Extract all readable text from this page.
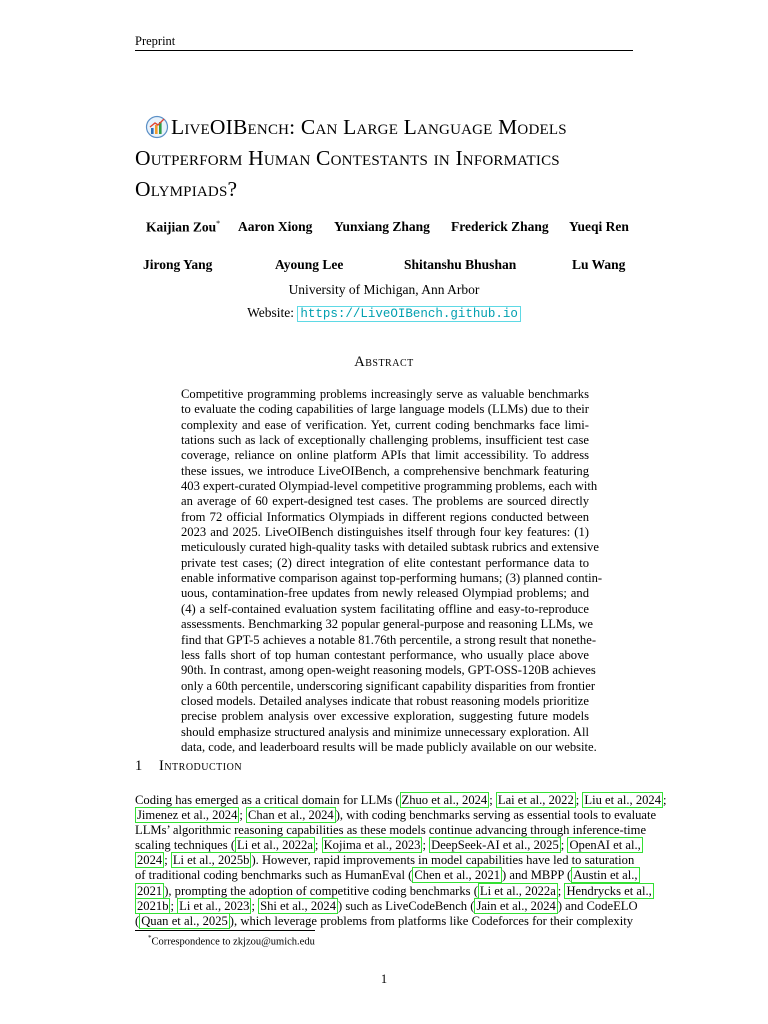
Preprint
LiveOIBench: Can Large Language Models
Outperform Human Contestants in Informatics
Olympiads?
Kaijian Zou* Aaron Xiong Yunxiang Zhang Frederick Zhang Yueqi Ren
Jirong Yang	Ayoung Lee	Shitanshu Bhushan	Lu Wang
University of Michigan, Ann Arbor
Website: https://LiveOIBench.github.io
Abstract
Competitive programming problems increasingly serve as valuable benchmarks
to evaluate the coding capabilities of large language models (LLMs) due to their
complexity and ease of verification. Yet, current coding benchmarks face limi-
tations such as lack of exceptionally challenging problems, insufficient test case
coverage, reliance on online platform APIs that limit accessibility. To address
these issues, we introduce LiveOIBench, a comprehensive benchmark featuring
403 expert-curated Olympiad-level competitive programming problems, each with
an average of 60 expert-designed test cases. The problems are sourced directly
from 72 official Informatics Olympiads in different regions conducted between
2023 and 2025. LiveOIBench distinguishes itself through four key features: (1)
meticulously curated high-quality tasks with detailed subtask rubrics and extensive
private test cases; (2) direct integration of elite contestant performance data to
enable informative comparison against top-performing humans; (3) planned contin-
uous, contamination-free updates from newly released Olympiad problems; and
(4) a self-contained evaluation system facilitating offline and easy-to-reproduce
assessments. Benchmarking 32 popular general-purpose and reasoning LLMs, we
find that GPT-5 achieves a notable 81.76th percentile, a strong result that nonethe-
less falls short of top human contestant performance, who usually place above
90th. In contrast, among open-weight reasoning models, GPT-OSS-120B achieves
only a 60th percentile, underscoring significant capability disparities from frontier
closed models. Detailed analyses indicate that robust reasoning models prioritize
precise problem analysis over excessive exploration, suggesting future models
should emphasize structured analysis and minimize unnecessary exploration. All
data, code, and leaderboard results will be made publicly available on our website.
1 Introduction
Coding has emerged as a critical domain for LLMs ( Zhuo et al., 2024 ; Lai et al., 2022 ; Liu et al., 2024 ;
Jimenez et al., 2024 ; Chan et al., 2024 ), with coding benchmarks serving as essential tools to evaluate
LLMs’ algorithmic reasoning capabilities as these models continue advancing through inference-time
scaling techniques ( Li et al., 2022a ; Kojima et al., 2023 ; DeepSeek-AI et al., 2025 ; OpenAI et al.,
2024 ; Li et al., 2025b ). However, rapid improvements in model capabilities have led to saturation
of traditional coding benchmarks such as HumanEval ( Chen et al., 2021 ) and MBPP ( Austin et al.,
2021 ), prompting the adoption of competitive coding benchmarks ( Li et al., 2022a ; Hendrycks et al.,
2021b ; Li et al., 2023 ; Shi et al., 2024 ) such as LiveCodeBench ( Jain et al., 2024 ) and CodeELO
( Quan et al., 2025 ), which leverage problems from platforms like Codeforces for their complexity
*Correspondence to zkjzou@umich.edu
1
